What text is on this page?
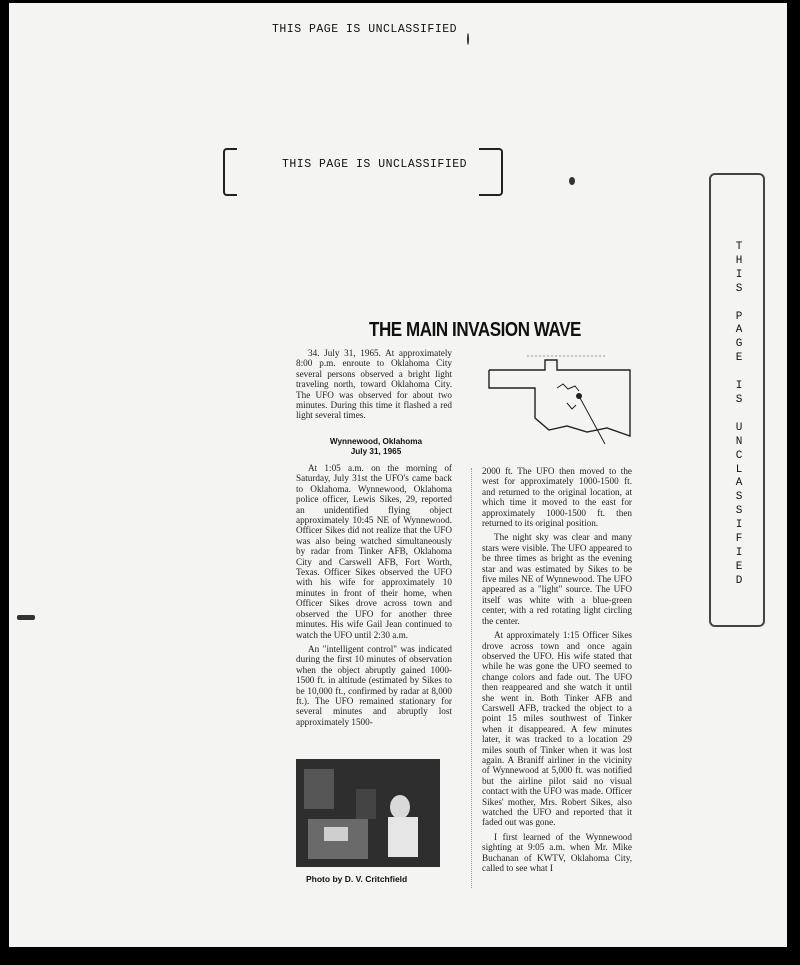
THIS PAGE IS UNCLASSIFIED
THIS PAGE IS UNCLASSIFIED
T
H
I
S

P
A
G
E

I
S

U
N
C
L
A
S
S
I
F
I
E
D
THE MAIN INVASION WAVE

34. July 31, 1965. At approximately 8:00 p.m. enroute to Oklahoma City several persons observed a bright light traveling north, toward Oklahoma City. The UFO was observed for about two minutes. During this time it flashed a red light several times.

Wynnewood, Oklahoma
July 31, 1965

At 1:05 a.m. on the morning of Saturday, July 31st the UFO's came back to Oklahoma. Wynnewood, Oklahoma police officer, Lewis Sikes, 29, reported an unidentified flying object approximately 10:45 NE of Wynnewood. Officer Sikes did not realize that the UFO was also being watched simultaneously by radar from Tinker AFB, Oklahoma City and Carswell AFB, Fort Worth, Texas. Officer Sikes observed the UFO with his wife for approximately 10 minutes in front of their home, when Officer Sikes drove across town and observed the UFO for another three minutes. His wife Gail Jean continued to watch the UFO until 2:30 a.m.

An "intelligent control" was indicated during the first 10 minutes of observation when the object abruptly gained 1000-1500 ft. in altitude (estimated by Sikes to be 10,000 ft., confirmed by radar at 8,000 ft.). The UFO remained stationary for several minutes and abruptly lost approximately 1500-

2000 ft. The UFO then moved to the west for approximately 1000-1500 ft. and returned to the original location, at which time it moved to the east for approximately 1000-1500 ft. then returned to its original position.

The night sky was clear and many stars were visible. The UFO appeared to be three times as bright as the evening star and was estimated by Sikes to be five miles NE of Wynnewood. The UFO appeared as a "light" source. The UFO itself was white with a blue-green center, with a red rotating light circling the center.

At approximately 1:15 Officer Sikes drove across town and once again observed the UFO. His wife stated that while he was gone the UFO seemed to change colors and fade out. The UFO then reappeared and she watch it until she went in. Both Tinker AFB and Carswell AFB, tracked the object to a point 15 miles southwest of Tinker when it disappeared. A few minutes later, it was tracked to a location 29 miles south of Tinker when it was lost again. A Braniff airliner in the vicinity of Wynnewood at 5,000 ft. was notified but the airline pilot said no visual contact with the UFO was made. Officer Sikes' mother, Mrs. Robert Sikes, also watched the UFO and reported that it faded out was gone.

I first learned of the Wynnewood sighting at 9:05 a.m. when Mr. Mike Buchanan of KWTV, Oklahoma City, called to see what I

Photo by D. V. Critchfield
